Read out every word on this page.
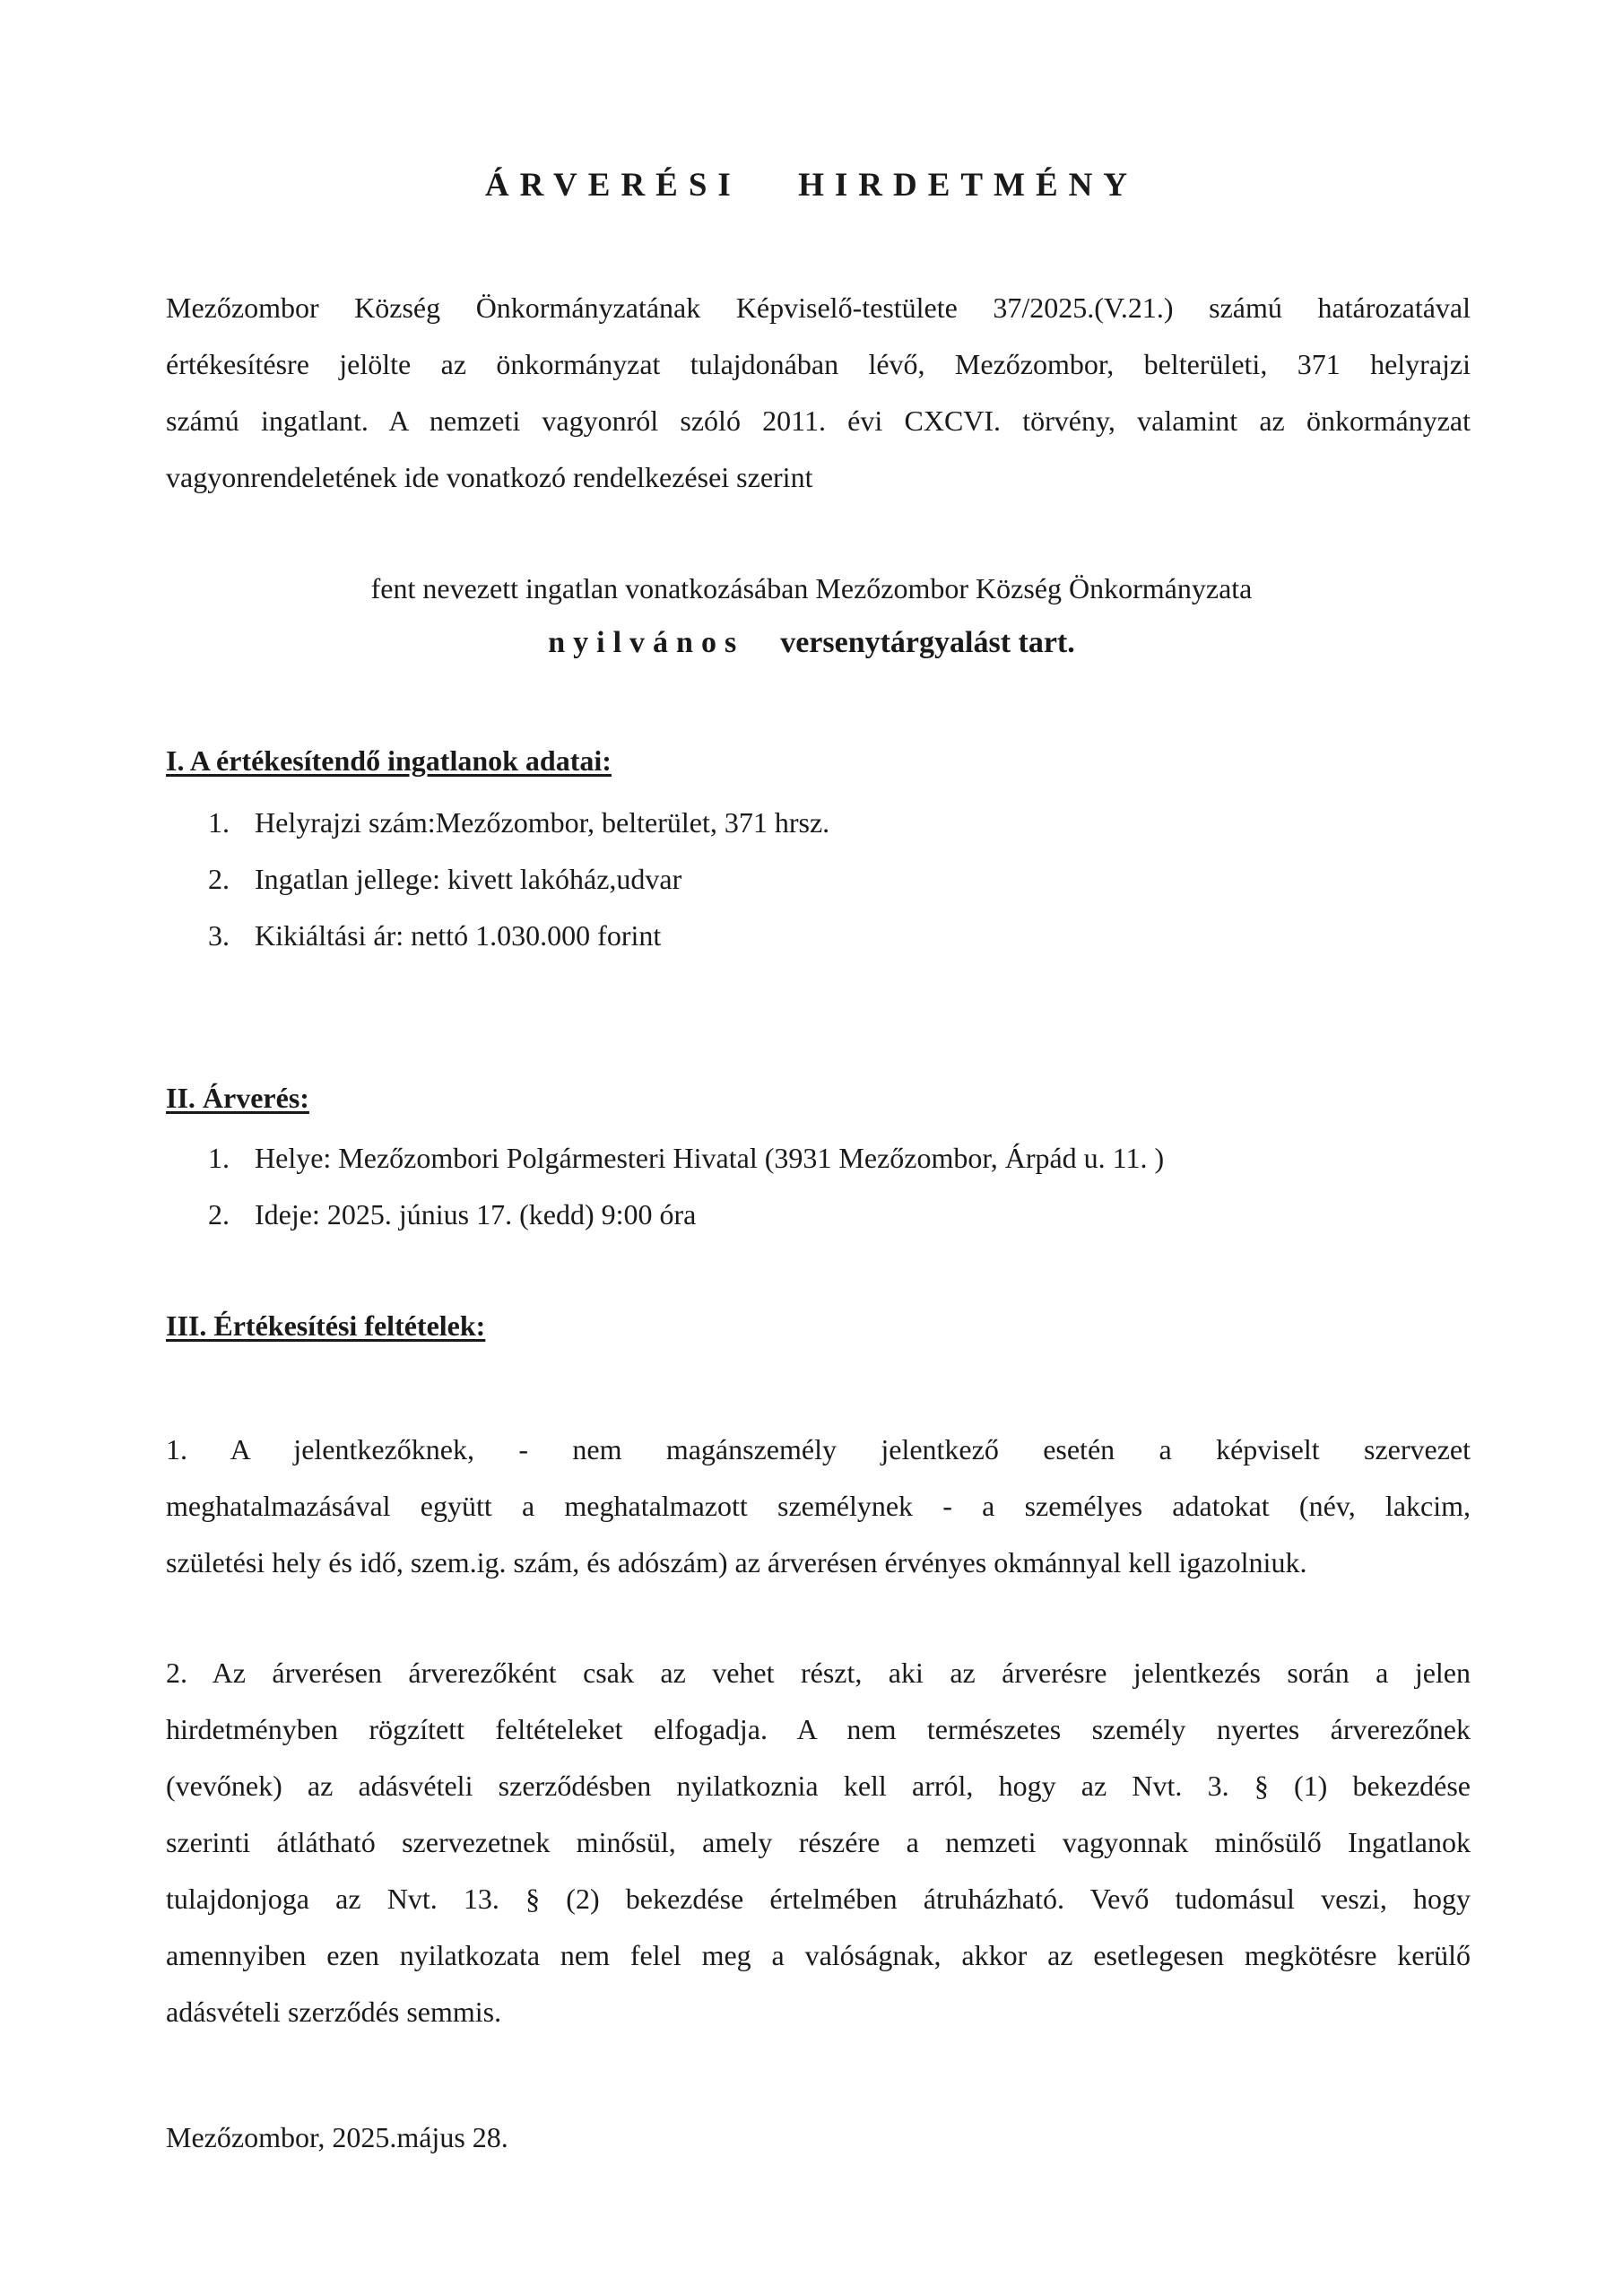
ÁRVERÉSI HIRDETMÉNY
Mezőzombor Község Önkormányzatának Képviselő-testülete 37/2025.(V.21.) számú határozatával
értékesítésre jelölte az önkormányzat tulajdonában lévő, Mezőzombor, belterületi, 371 helyrajzi
számú ingatlant. A nemzeti vagyonról szóló 2011. évi CXCVI. törvény, valamint az önkormányzat
vagyonrendeletének ide vonatkozó rendelkezései szerint
fent nevezett ingatlan vonatkozásában Mezőzombor Község Önkormányzata
nyilvános versenytárgyalást tart.
I. A értékesítendő ingatlanok adatai:
1. Helyrajzi szám:Mezőzombor, belterület, 371 hrsz.
2. Ingatlan jellege: kivett lakóház,udvar
3. Kikiáltási ár: nettó 1.030.000 forint
II. Árverés:
1. Helye: Mezőzombori Polgármesteri Hivatal (3931 Mezőzombor, Árpád u. 11. )
2. Ideje: 2025. június 17. (kedd) 9:00 óra
III. Értékesítési feltételek:
1. A jelentkezőknek, - nem magánszemély jelentkező esetén a képviselt szervezet
meghatalmazásával együtt a meghatalmazott személynek - a személyes adatokat (név, lakcim,
születési hely és idő, szem.ig. szám, és adószám) az árverésen érvényes okmánnyal kell igazolniuk.
2. Az árverésen árverezőként csak az vehet részt, aki az árverésre jelentkezés során a jelen
hirdetményben rögzített feltételeket elfogadja. A nem természetes személy nyertes árverezőnek
(vevőnek) az adásvételi szerződésben nyilatkoznia kell arról, hogy az Nvt. 3. § (1) bekezdése
szerinti átlátható szervezetnek minősül, amely részére a nemzeti vagyonnak minősülő Ingatlanok
tulajdonjoga az Nvt. 13. § (2) bekezdése értelmében átruházható. Vevő tudomásul veszi, hogy
amennyiben ezen nyilatkozata nem felel meg a valóságnak, akkor az esetlegesen megkötésre kerülő
adásvételi szerződés semmis.
Mezőzombor, 2025.május 28.
